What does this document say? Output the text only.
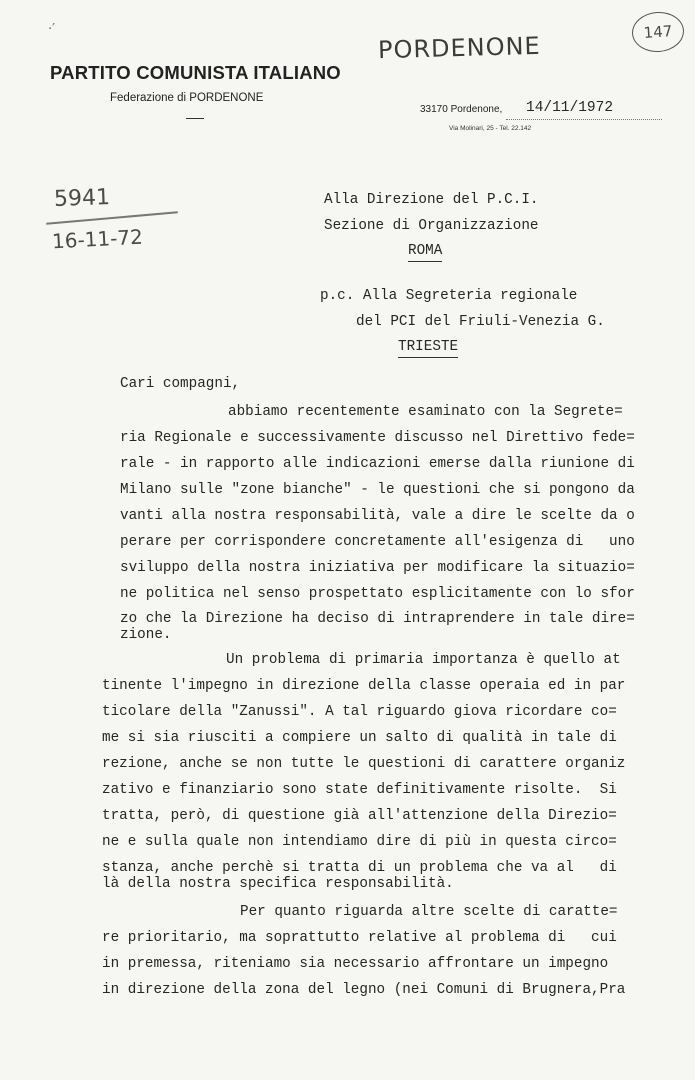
·′	147
PORDENONE
PARTITO COMUNISTA ITALIANO
Federazione di PORDENONE
33170 Pordenone, 14/11/1972
Via Molinari, 25 - Tel. 22.142
5941
16-11-72
Alla Direzione del P.C.I.
Sezione di Organizzazione
ROMA
p.c. Alla Segreteria regionale
del PCI del Friuli-Venezia G.
TRIESTE
Cari compagni,
abbiamo recentemente esaminato con la Segrete=
ria Regionale e successivamente discusso nel Direttivo fede=
rale - in rapporto alle indicazioni emerse dalla riunione di
Milano sulle "zone bianche" - le questioni che si pongono da
vanti alla nostra responsabilità, vale a dire le scelte da o
perare per corrispondere concretamente all'esigenza di   uno
sviluppo della nostra iniziativa per modificare la situazio=
ne politica nel senso prospettato esplicitamente con lo sfor
zo che la Direzione ha deciso di intraprendere in tale dire=
zione.
Un problema di primaria importanza è quello at
tinente l'impegno in direzione della classe operaia ed in par
ticolare della "Zanussi". A tal riguardo giova ricordare co=
me si sia riusciti a compiere un salto di qualità in tale di
rezione, anche se non tutte le questioni di carattere organiz
zativo e finanziario sono state definitivamente risolte.  Si
tratta, però, di questione già all'attenzione della Direzio=
ne e sulla quale non intendiamo dire di più in questa circo=
stanza, anche perchè si tratta di un problema che va al   di
là della nostra specifica responsabilità.
Per quanto riguarda altre scelte di caratte=
re prioritario, ma soprattutto relative al problema di   cui
in premessa, riteniamo sia necessario affrontare un impegno
in direzione della zona del legno (nei Comuni di Brugnera,Pra
